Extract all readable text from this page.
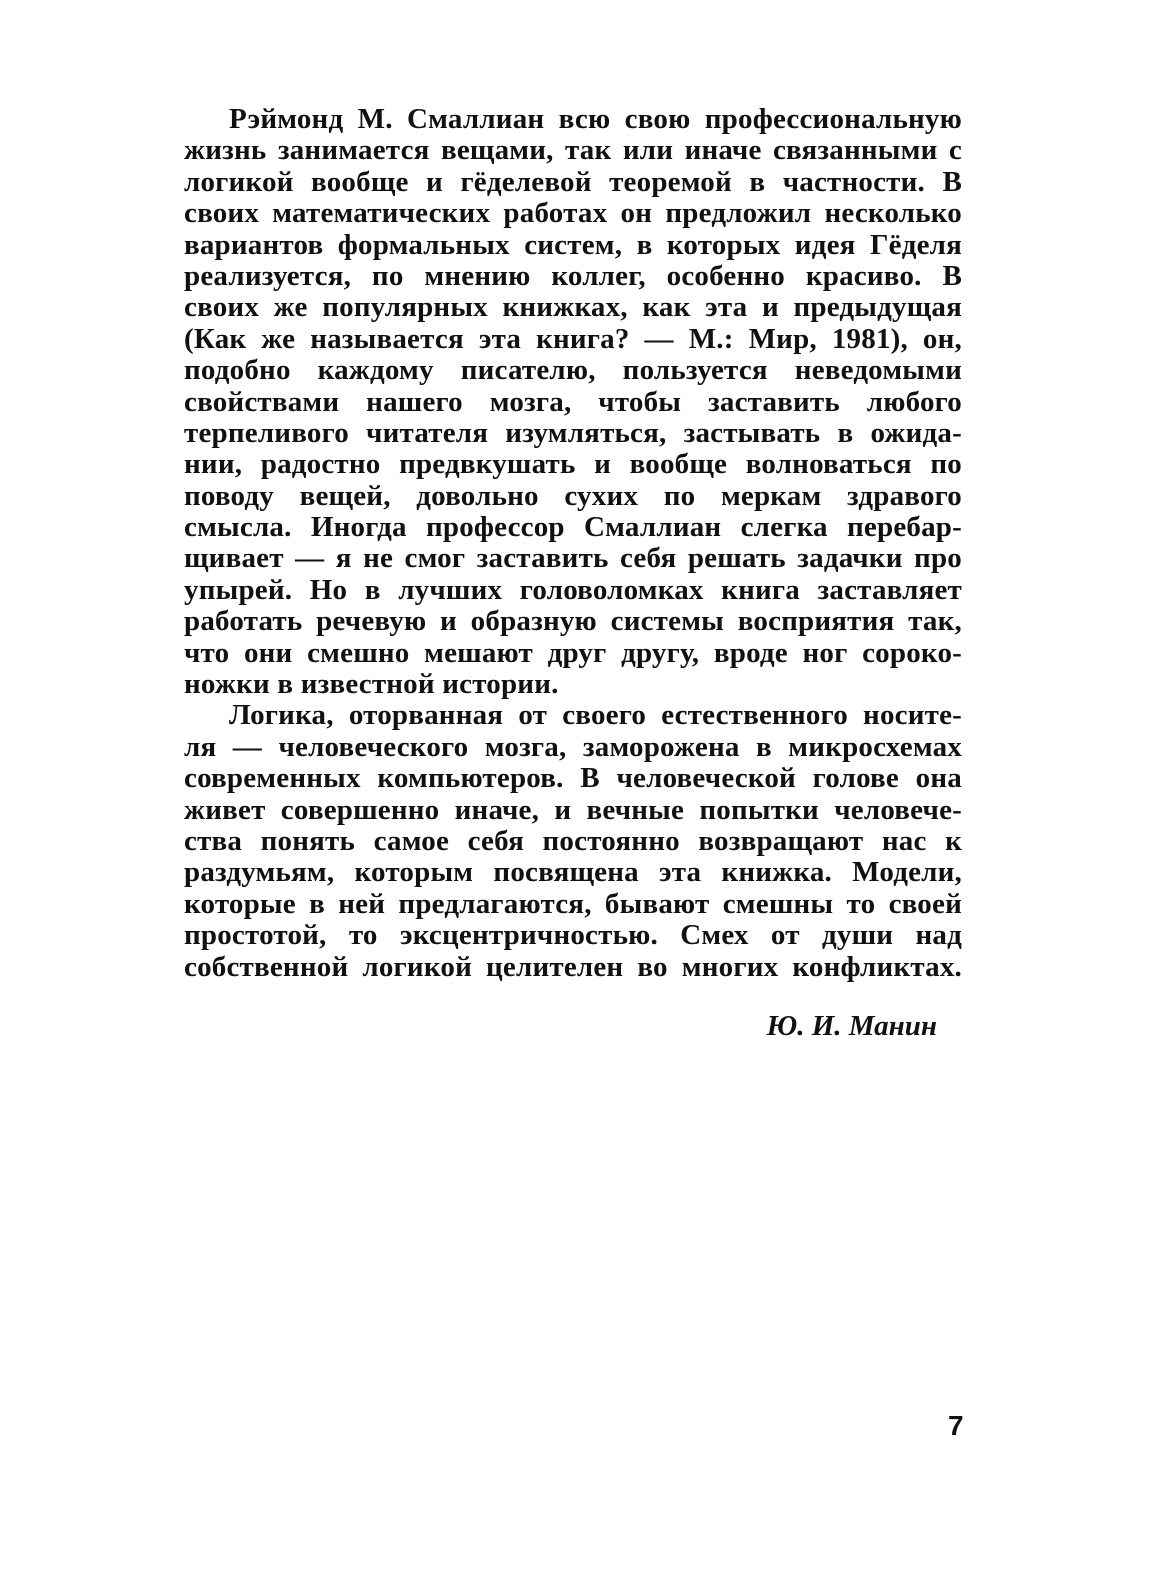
Рэймонд М. Смаллиан всю свою профессиональную
жизнь занимается вещами, так или иначе связанными с
логикой вообще и гёделевой теоремой в частности. В
своих математических работах он предложил несколько
вариантов формальных систем, в которых идея Гёделя
реализуется, по мнению коллег, особенно красиво. В
своих же популярных книжках, как эта и предыдущая
(Как же называется эта книга? — М.: Мир, 1981), он,
подобно каждому писателю, пользуется неведомыми
свойствами нашего мозга, чтобы заставить любого
терпеливого читателя изумляться, застывать в ожида-
нии, радостно предвкушать и вообще волноваться по
поводу вещей, довольно сухих по меркам здравого
смысла. Иногда профессор Смаллиан слегка перебар-
щивает — я не смог заставить себя решать задачки про
упырей. Но в лучших головоломках книга заставляет
работать речевую и образную системы восприятия так,
что они смешно мешают друг другу, вроде ног сороко-
ножки в известной истории.
Логика, оторванная от своего естественного носите-
ля — человеческого мозга, заморожена в микросхемах
современных компьютеров. В человеческой голове она
живет совершенно иначе, и вечные попытки человече-
ства понять самое себя постоянно возвращают нас к
раздумьям, которым посвящена эта книжка. Модели,
которые в ней предлагаются, бывают смешны то своей
простотой, то эксцентричностью. Смех от души над
собственной логикой целителен во многих конфликтах.
Ю. И. Манин
7
